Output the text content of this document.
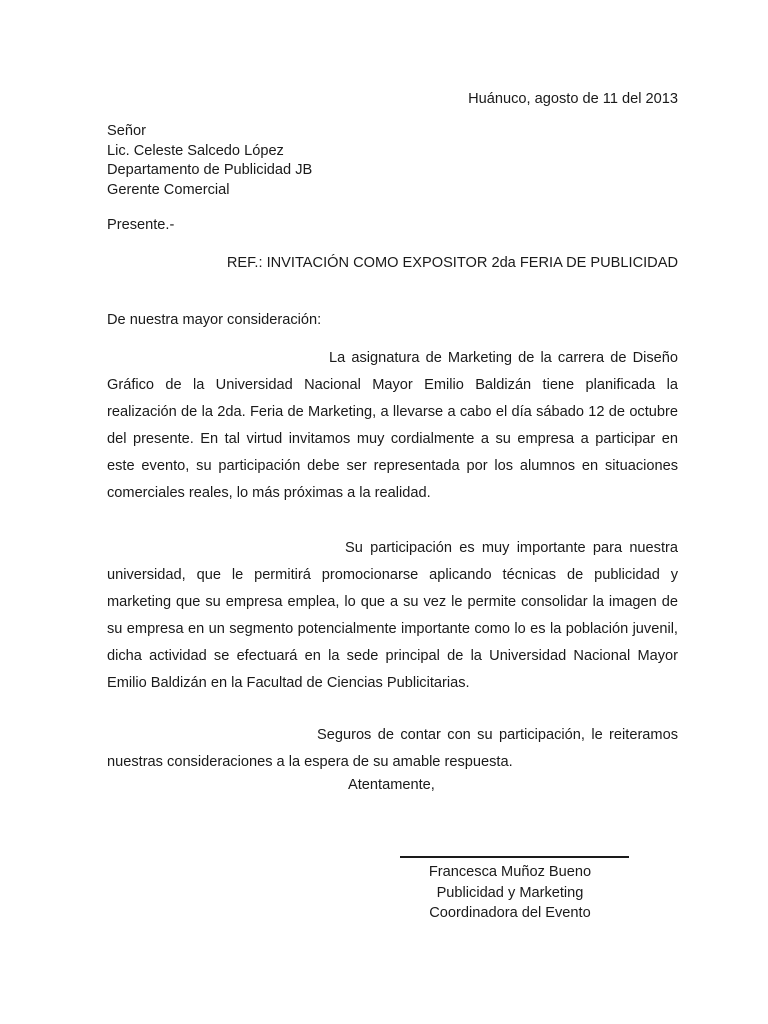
Huánuco, agosto de 11 del 2013
Señor
Lic. Celeste Salcedo López
Departamento de Publicidad JB
Gerente Comercial
Presente.-
REF.: INVITACIÓN COMO EXPOSITOR 2da FERIA DE PUBLICIDAD
De nuestra mayor consideración:

La asignatura de Marketing de la carrera de Diseño Gráfico de la Universidad Nacional Mayor Emilio Baldizán tiene planificada la realización de la 2da. Feria de Marketing, a llevarse a cabo el día sábado 12 de octubre del presente. En tal virtud invitamos muy cordialmente a su empresa a participar en este evento, su participación debe ser representada por los alumnos en situaciones comerciales reales, lo más próximas a la realidad.

Su participación es muy importante para nuestra universidad, que le permitirá promocionarse aplicando técnicas de publicidad y marketing que su empresa emplea, lo que a su vez le permite consolidar la imagen de su empresa en un segmento potencialmente importante como lo es la población juvenil, dicha actividad se efectuará en la sede principal de la Universidad Nacional Mayor Emilio Baldizán en la Facultad de Ciencias Publicitarias.

Seguros de contar con su participación, le reiteramos nuestras consideraciones a la espera de su amable respuesta.

Atentamente,
Francesca Muñoz Bueno
Publicidad y Marketing
Coordinadora del Evento
